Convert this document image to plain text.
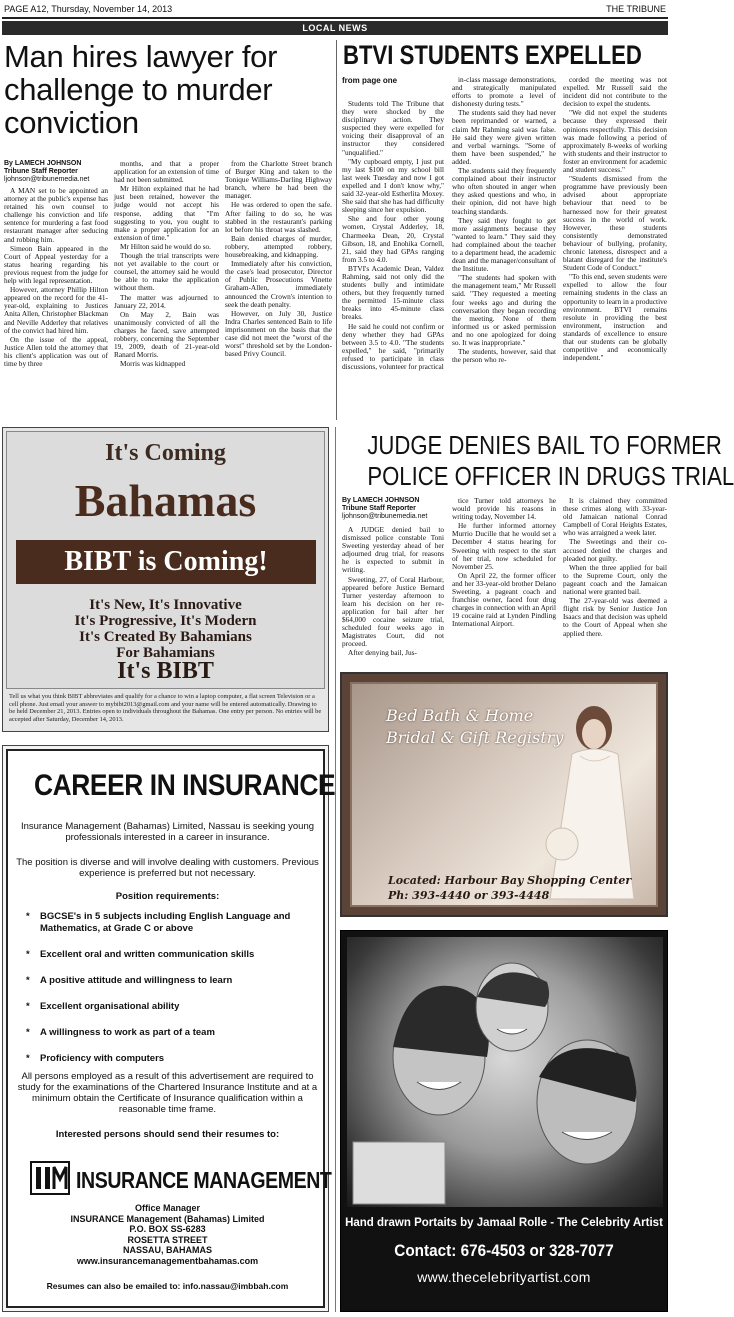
PAGE A12, Thursday, November 14, 2013	THE TRIBUNE
LOCAL NEWS
Man hires lawyer for challenge to murder conviction
By LAMECH JOHNSON
Tribune Staff Reporter
ljohnson@tribunemedia.net

A MAN set to be appointed an attorney at the public's expense has retained his own counsel to challenge his conviction and life sentence for murdering a fast food restaurant manager after seducing and robbing him.

Simeon Bain appeared in the Court of Appeal yesterday for a status hearing regarding his previous request from the judge for help with legal representation.

However, attorney Phillip Hilton appeared on the record for the 41-year-old, explaining to Justices Anita Allen, Christopher Blackman and Neville Adderley that relatives of the convict had hired him.

On the issue of the appeal, Justice Allen told the attorney that his client's application was out of time by three

months, and that a proper application for an extension of time had not been submitted.

Mr Hilton explained that he had just been retained, however the judge would not accept his response, adding that "I'm suggesting to you, you ought to make a proper application for an extension of time."

Mr Hilton said he would do so.

Though the trial transcripts were not yet available to the court or counsel, the attorney said he would be able to make the application without them.

The matter was adjourned to January 22, 2014.

On May 2, Bain was unanimously convicted of all the charges he faced, save attempted robbery, concerning the September 19, 2009, death of 21-year-old Ranard Morris.

Morris was kidnapped

from the Charlotte Street branch of Burger King and taken to the Tonique Williams-Darling Highway branch, where he had been the manager.

He was ordered to open the safe. After failing to do so, he was stabbed in the restaurant's parking lot before his throat was slashed.

Bain denied charges of murder, robbery, attempted robbery, housebreaking, and kidnapping.

Immediately after his conviction, the case's lead prosecutor, Director of Public Prosecutions Vinette Graham-Allen, immediately announced the Crown's intention to seek the death penalty.

However, on July 30, Justice Indra Charles sentenced Bain to life imprisonment on the basis that the case did not meet the "worst of the worst" threshold set by the London-based Privy Council.

BTVI STUDENTS EXPELLED
from page one

Students told The Tribune that they were shocked by the disciplinary action. They suspected they were expelled for voicing their disapproval of an instructor they considered "unqualified."

"My cupboard empty, I just put my last $100 on my school bill last week Tuesday and now I got expelled and I don't know why," said 32-year-old Estherlita Moxey. She said that she has had difficulty sleeping since her expulsion.

She and four other young women, Crystal Adderley, 18, Charmeeka Dean, 20, Crystal Gibson, 18, and Enohika Cornell, 21, said they had GPAs ranging from 3.5 to 4.0.

BTVI's Academic Dean, Valdez Rahming, said not only did the students bully and intimidate others, but they frequently turned the permitted 15-minute class breaks into 45-minute class breaks.

He said he could not confirm or deny whether they had GPAs between 3.5 to 4.0. "The students expelled," he said, "primarily refused to participate in class discussions, volunteer for practical

in-class massage demonstrations, and strategically manipulated efforts to promote a level of dishonesty during tests."

The students said they had never been reprimanded or warned, a claim Mr Rahming said was false. He said they were given written and verbal warnings. "Some of them have been suspended," he added.

The students said they frequently complained about their instructor who often shouted in anger when they asked questions and who, in their opinion, did not have high teaching standards.

They said they fought to get more assignments because they "wanted to learn." They said they had complained about the teacher to a department head, the academic dean and the manager/consultant of the Institute.

"The students had spoken with the management team," Mr Russell said. "They requested a meeting four weeks ago and during the conversation they began recording the meeting. None of them informed us or asked permission and no one apologized for doing so. It was inappropriate."

The students, however, said that the person who re-

corded the meeting was not expelled. Mr Russell said the incident did not contribute to the decision to expel the students.

"We did not expel the students because they expressed their opinions respectfully. This decision was made following a period of approximately 8-weeks of working with students and their instructor to foster an environment for academic and student success."

"Students dismissed from the programme have previously been advised about appropriate behaviour that need to be harnessed now for their greatest success in the world of work. However, these students consistently demonstrated behaviour of bullying, profanity, chronic lateness, disrespect and a blatant disregard for the institute's Student Code of Conduct."

"To this end, seven students were expelled to allow the four remaining students in the class an opportunity to learn in a productive environment. BTVI remains resolute in providing the best environment, instruction and standards of excellence to ensure that our students can be globally competitive and economically independent."

It's Coming
Bahamas
BIBT is Coming!
It's New, It's Innovative
It's Progressive, It's Modern
It's Created By Bahamians
For Bahamians
It's BIBT
Tell us what you think BIBT abbreviates and qualify for a chance to win a laptop computer, a flat screen Television or a cell phone. Just email your answer to mybibt2013@gmail.com and your name will be entered automatically. Drawing to be held December 21, 2013. Entries open to individuals throughout the Bahamas. One entry per person. No entries will be accepted after Saturday, December 14, 2013.
JUDGE DENIES BAIL TO FORMER
POLICE OFFICER IN DRUGS TRIAL
By LAMECH JOHNSON
Tribune Staff Reporter
ljohnson@tribunemedia.net

A JUDGE denied bail to dismissed police constable Toni Sweeting yesterday ahead of her adjourned drug trial, for reasons he is expected to submit in writing.

Sweeting, 27, of Coral Harbour, appeared before Justice Bernard Turner yesterday afternoon to learn his decision on her re-application for bail after her $64,000 cocaine seizure trial, scheduled four weeks ago in Magistrates Court, did not proceed.

After denying bail, Jus-

tice Turner told attorneys he would provide his reasons in writing today, November 14.

He further informed attorney Murrio Ducille that he would set a December 4 status hearing for Sweeting with respect to the start of her trial, now scheduled for November 25.

On April 22, the former officer and her 33-year-old brother Delano Sweeting, a pageant coach and franchise owner, faced four drug charges in connection with an April 19 cocaine raid at Lynden Pindling International Airport.

It is claimed they committed these crimes along with 33-year-old Jamaican national Conrad Campbell of Coral Heights Estates, who was arraigned a week later.

The Sweetings and their co-accused denied the charges and pleaded not guilty.

When the three applied for bail to the Supreme Court, only the pageant coach and the Jamaican national were granted bail.

The 27-year-old was deemed a flight risk by Senior Justice Jon Isaacs and that decision was upheld to the Court of Appeal when she applied there.

CAREER IN INSURANCE
Insurance Management (Bahamas) Limited, Nassau is seeking young professionals interested in a career in insurance.
The position is diverse and will involve dealing with customers. Previous experience is preferred but not necessary.
Position requirements:
* BGCSE's in 5 subjects including English Language and Mathematics, at Grade C or above
* Excellent oral and written communication skills
* A positive attitude and willingness to learn
* Excellent organisational ability
* A willingness to work as part of a team
* Proficiency with computers
All persons employed as a result of this advertisement are required to study for the examinations of the Chartered Insurance Institute and at a minimum obtain the Certificate of Insurance qualification within a reasonable time frame.
Interested persons should send their resumes to:
INSURANCE MANAGEMENT
Office Manager
INSURANCE Management (Bahamas) Limited
P.O. BOX SS-6283
ROSETTA STREET
NASSAU, BAHAMAS
www.insurancemanagementbahamas.com
Resumes can also be emailed to: info.nassau@imbbah.com
Bed Bath & Home
Bridal & Gift Registry
Located: Harbour Bay Shopping Center
Ph: 393-4440 or 393-4448
Hand drawn Portaits by Jamaal Rolle - The Celebrity Artist
Contact: 676-4503 or 328-7077
www.thecelebrityartist.com
